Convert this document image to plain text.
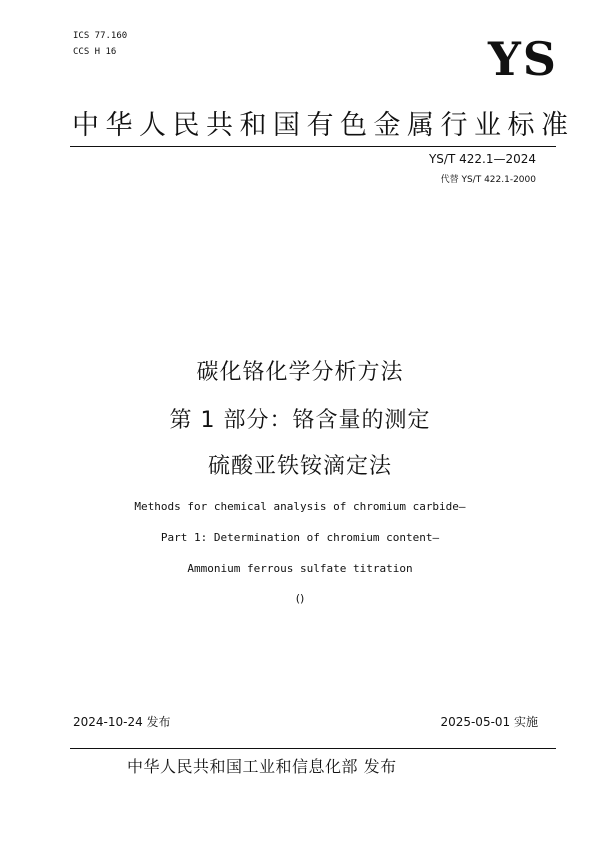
ICS 77.160
CCS H 16	YS
中华人民共和国有色金属行业标准
YS/T 422.1—2024
代替 YS/T 422.1-2000
碳化铬化学分析方法
第 1 部分：铬含量的测定
硫酸亚铁铵滴定法
Methods for chemical analysis of chromium carbide—
Part 1: Determination of chromium content—
Ammonium ferrous sulfate titration
()
2024-10-24 发布	2025-05-01 实施
中华人民共和国工业和信息化部 发布
